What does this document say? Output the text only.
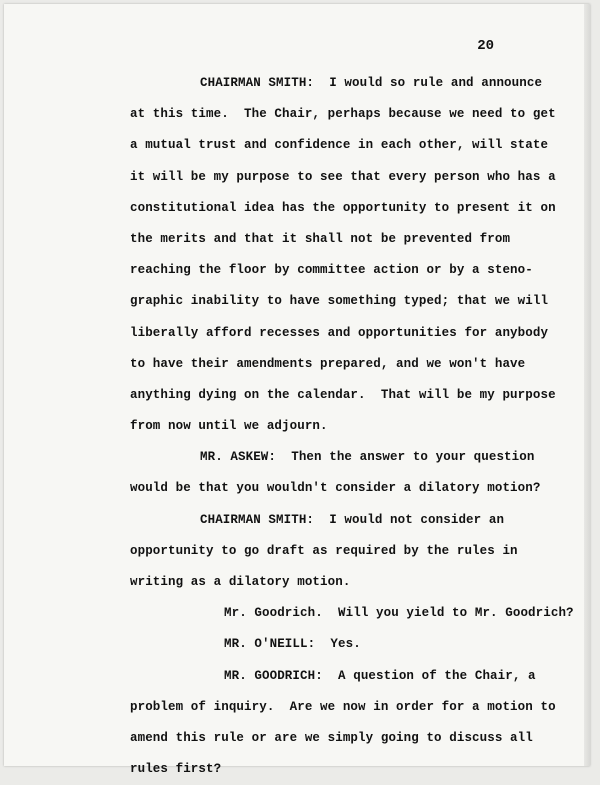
20
CHAIRMAN SMITH:  I would so rule and announce
at this time.  The Chair, perhaps because we need to get
a mutual trust and confidence in each other, will state
it will be my purpose to see that every person who has a
constitutional idea has the opportunity to present it on
the merits and that it shall not be prevented from
reaching the floor by committee action or by a steno-
graphic inability to have something typed; that we will
liberally afford recesses and opportunities for anybody
to have their amendments prepared, and we won't have
anything dying on the calendar.  That will be my purpose
from now until we adjourn.
MR. ASKEW:  Then the answer to your question
would be that you wouldn't consider a dilatory motion?
CHAIRMAN SMITH:  I would not consider an
opportunity to go draft as required by the rules in
writing as a dilatory motion.
Mr. Goodrich.  Will you yield to Mr. Goodrich?
MR. O'NEILL:  Yes.
MR. GOODRICH:  A question of the Chair, a
problem of inquiry.  Are we now in order for a motion to
amend this rule or are we simply going to discuss all
rules first?
